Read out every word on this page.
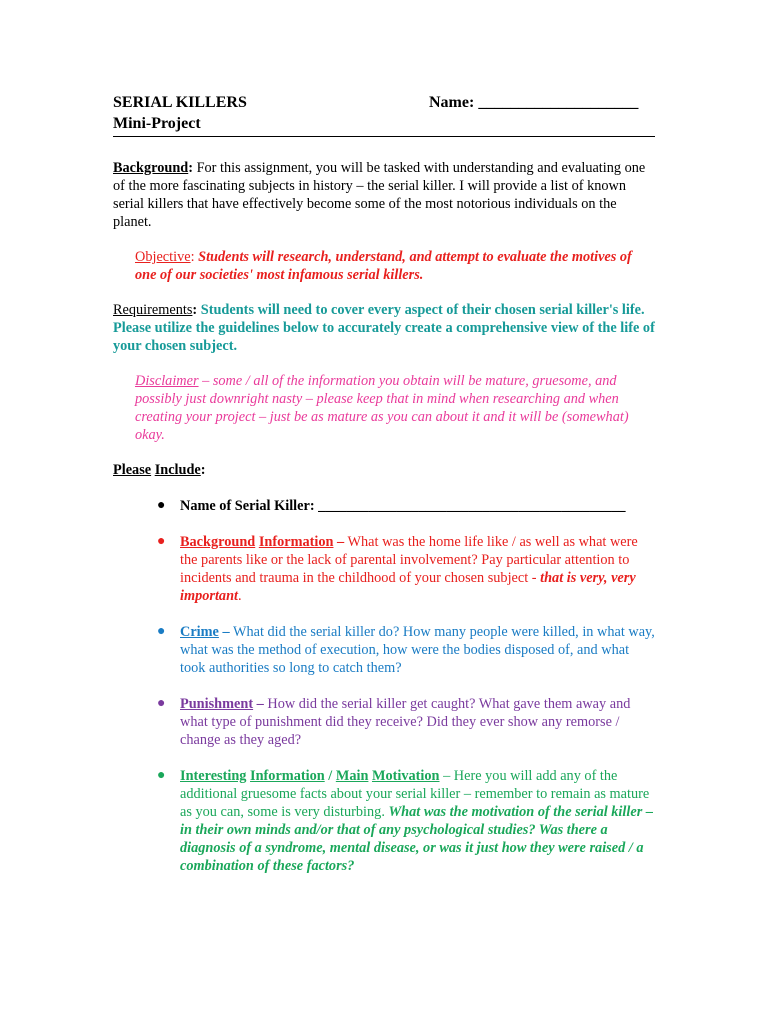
SERIAL KILLERS
Mini-Project
Name: ____________________

Background: For this assignment, you will be tasked with understanding and evaluating one of the more fascinating subjects in history – the serial killer. I will provide a list of known serial killers that have effectively become some of the most notorious individuals on the planet.

Objective: Students will research, understand, and attempt to evaluate the motives of one of our societies' most infamous serial killers.

Requirements: Students will need to cover every aspect of their chosen serial killer's life. Please utilize the guidelines below to accurately create a comprehensive view of the life of your chosen subject.

Disclaimer – some / all of the information you obtain will be mature, gruesome, and possibly just downright nasty – please keep that in mind when researching and when creating your project – just be as mature as you can about it and it will be (somewhat) okay.

Please Include:

● Name of Serial Killer: ___________________________________________
● Background Information – What was the home life like / as well as what were the parents like or the lack of parental involvement? Pay particular attention to incidents and trauma in the childhood of your chosen subject - that is very, very important.
● Crime – What did the serial killer do? How many people were killed, in what way, what was the method of execution, how were the bodies disposed of, and what took authorities so long to catch them?
● Punishment – How did the serial killer get caught? What gave them away and what type of punishment did they receive? Did they ever show any remorse / change as they aged?
● Interesting Information / Main Motivation – Here you will add any of the additional gruesome facts about your serial killer – remember to remain as mature as you can, some is very disturbing. What was the motivation of the serial killer – in their own minds and/or that of any psychological studies? Was there a diagnosis of a syndrome, mental disease, or was it just how they were raised / a combination of these factors?
